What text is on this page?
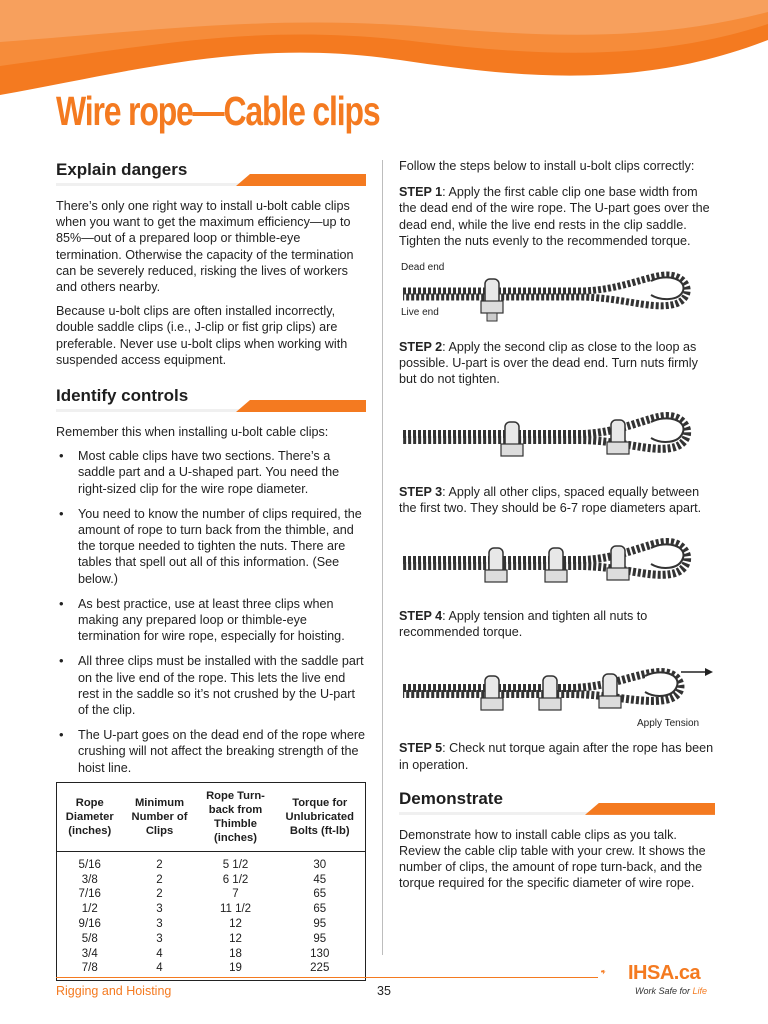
Wire rope—Cable clips
Explain dangers

There’s only one right way to install u-bolt cable clips when you want to get the maximum efficiency—up to 85%—out of a prepared loop or thimble-eye termination. Otherwise the capacity of the termination can be severely reduced, risking the lives of workers and others nearby.

Because u-bolt clips are often installed incorrectly, double saddle clips (i.e., J-clip or fist grip clips) are preferable. Never use u-bolt clips when working with suspended access equipment.

Identify controls

Remember this when installing u-bolt cable clips:

• Most cable clips have two sections. There’s a saddle part and a U-shaped part. You need the right-sized clip for the wire rope diameter.
• You need to know the number of clips required, the amount of rope to turn back from the thimble, and the torque needed to tighten the nuts. There are tables that spell out all of this information. (See below.)
• As best practice, use at least three clips when making any prepared loop or thimble-eye termination for wire rope, especially for hoisting.
• All three clips must be installed with the saddle part on the live end of the rope. This lets the live end rest in the saddle so it’s not crushed by the U-part of the clip.
• The U-part goes on the dead end of the rope where crushing will not affect the breaking strength of the hoist line.
Rope Diameter (inches)	Minimum Number of Clips	Rope Turn-back from Thimble (inches)	Torque for Unlubricated Bolts (ft-lb)
5/16	2	5 1/2	30
3/8	2	6 1/2	45
7/16	2	7	65
1/2	3	11 1/2	65
9/16	3	12	95
5/8	3	12	95
3/4	4	18	130
7/8	4	19	225

Follow the steps below to install u-bolt clips correctly:

STEP 1: Apply the first cable clip one base width from the dead end of the wire rope. The U-part goes over the dead end, while the live end rests in the clip saddle. Tighten the nuts evenly to the recommended torque.

Dead end
Live end

STEP 2: Apply the second clip as close to the loop as possible. U-part is over the dead end. Turn nuts firmly but do not tighten.

STEP 3: Apply all other clips, spaced equally between the first two. They should be 6-7 rope diameters apart.

STEP 4: Apply tension and tighten all nuts to recommended torque.

Apply Tension

STEP 5: Check nut torque again after the rope has been in operation.

Demonstrate

Demonstrate how to install cable clips as you talk. Review the cable clip table with your crew. It shows the number of clips, the amount of rope turn-back, and the torque required for the specific diameter of wire rope.

Rigging and Hoisting	35
IHSA.ca
Work Safe for Life
